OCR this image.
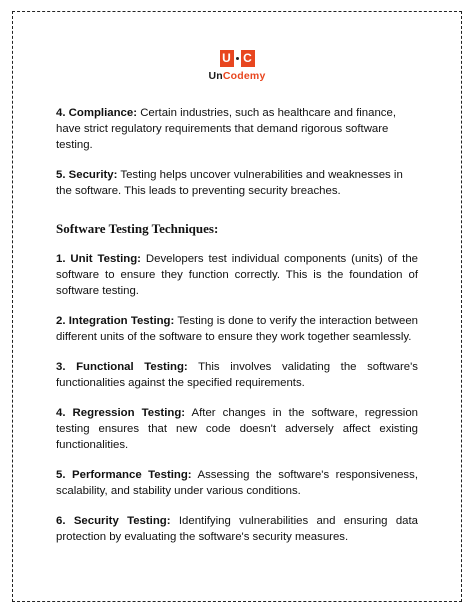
U C
UnCodemy

4. Compliance: Certain industries, such as healthcare and finance, have strict regulatory requirements that demand rigorous software testing.

5. Security: Testing helps uncover vulnerabilities and weaknesses in the software. This leads to preventing security breaches.

Software Testing Techniques:

1. Unit Testing: Developers test individual components (units) of the software to ensure they function correctly. This is the foundation of software testing.

2. Integration Testing: Testing is done to verify the interaction between different units of the software to ensure they work together seamlessly.

3. Functional Testing: This involves validating the software's functionalities against the specified requirements.

4. Regression Testing: After changes in the software, regression testing ensures that new code doesn't adversely affect existing functionalities.

5. Performance Testing: Assessing the software's responsiveness, scalability, and stability under various conditions.

6. Security Testing: Identifying vulnerabilities and ensuring data protection by evaluating the software's security measures.
